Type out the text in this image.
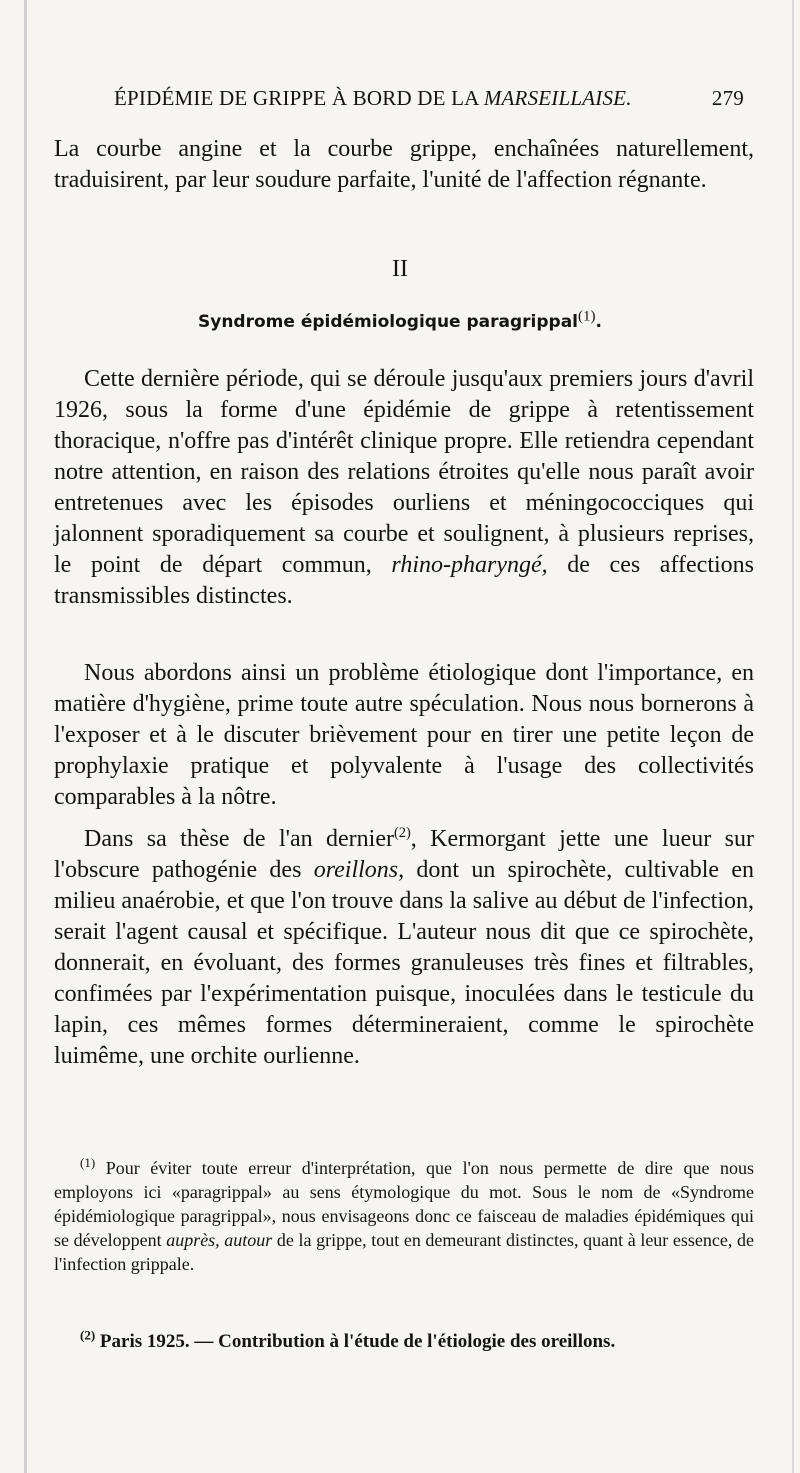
ÉPIDÉMIE DE GRIPPE À BORD DE LA MARSEILLAISE.	279

La courbe angine et la courbe grippe, enchaînées naturellement, traduisirent, par leur soudure parfaite, l'unité de l'affection régnante.

II
Syndrome épidémiologique paragrippal$^{(1)}$.

Cette dernière période, qui se déroule jusqu'aux premiers jours d'avril 1926, sous la forme d'une épidémie de grippe à retentissement thoracique, n'offre pas d'intérêt clinique propre. Elle retiendra cependant notre attention, en raison des relations étroites qu'elle nous paraît avoir entretenues avec les épisodes ourliens et méningococciques qui jalonnent sporadiquement sa courbe et soulignent, à plusieurs reprises, le point de départ commun, rhino-pharyngé, de ces affections transmissibles distinctes.

Nous abordons ainsi un problème étiologique dont l'importance, en matière d'hygiène, prime toute autre spéculation. Nous nous bornerons à l'exposer et à le discuter brièvement pour en tirer une petite leçon de prophylaxie pratique et polyvalente à l'usage des collectivités comparables à la nôtre.

Dans sa thèse de l'an dernier$^{(2)}$, Kermorgant jette une lueur sur l'obscure pathogénie des oreillons, dont un spirochète, cultivable en milieu anaérobie, et que l'on trouve dans la salive au début de l'infection, serait l'agent causal et spécifique. L'auteur nous dit que ce spirochète, donnerait, en évoluant, des formes granuleuses très fines et filtrables, confimées par l'expérimentation puisque, inoculées dans le testicule du lapin, ces mêmes formes détermineraient, comme le spirochète luimême, une orchite ourlienne.

$^{(1)}$ Pour éviter toute erreur d'interprétation, que l'on nous permette de dire que nous employons ici «paragrippal» au sens étymologique du mot. Sous le nom de «Syndrome épidémiologique paragrippal», nous envisageons donc ce faisceau de maladies épidémiques qui se développent auprès, autour de la grippe, tout en demeurant distinctes, quant à leur essence, de l'infection grippale.

$^{(2)}$ Paris 1925. — Contribution à l'étude de l'étiologie des oreillons.
